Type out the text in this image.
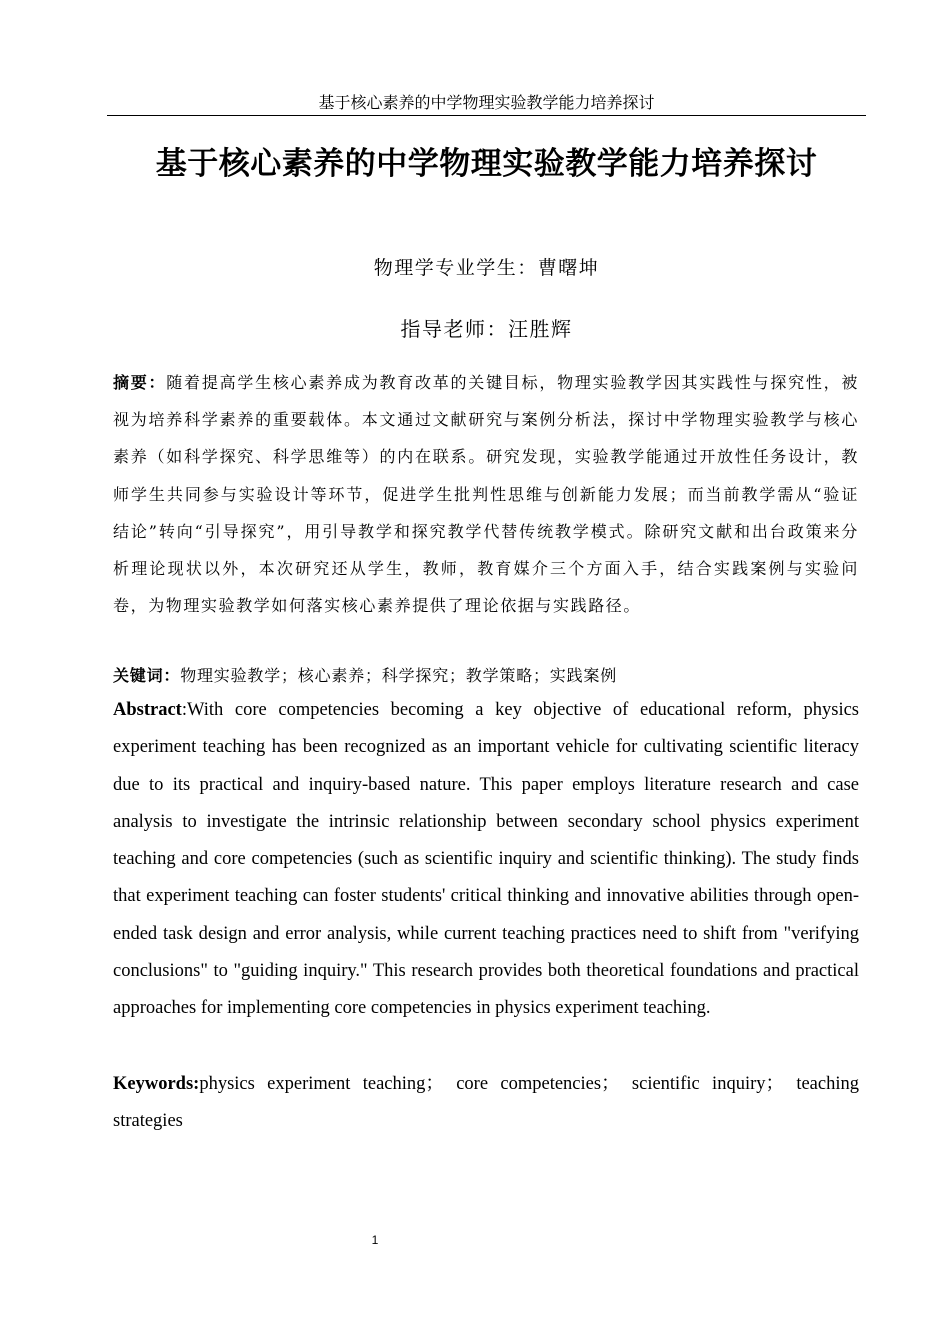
基于核心素养的中学物理实验教学能力培养探讨
基于核心素养的中学物理实验教学能力培养探讨
物理学专业学生：曹曙坤
指导老师：汪胜辉
摘要：随着提高学生核心素养成为教育改革的关键目标，物理实验教学因其实践性与探究性，被视为培养科学素养的重要载体。本文通过文献研究与案例分析法，探讨中学物理实验教学与核心素养（如科学探究、科学思维等）的内在联系。研究发现，实验教学能通过开放性任务设计，教师学生共同参与实验设计等环节，促进学生批判性思维与创新能力发展；而当前教学需从“验证结论”转向“引导探究”，用引导教学和探究教学代替传统教学模式。除研究文献和出台政策来分析理论现状以外，本次研究还从学生，教师，教育媒介三个方面入手，结合实践案例与实验问卷，为物理实验教学如何落实核心素养提供了理论依据与实践路径。
关键词：物理实验教学；核心素养；科学探究；教学策略；实践案例
Abstract:With core competencies becoming a key objective of educational reform, physics experiment teaching has been recognized as an important vehicle for cultivating scientific literacy due to its practical and inquiry-based nature. This paper employs literature research and case analysis to investigate the intrinsic relationship between secondary school physics experiment teaching and core competencies (such as scientific inquiry and scientific thinking). The study finds that experiment teaching can foster students' critical thinking and innovative abilities through open-ended task design and error analysis, while current teaching practices need to shift from "verifying conclusions" to "guiding inquiry." This research provides both theoretical foundations and practical approaches for implementing core competencies in physics experiment teaching.
Keywords:physics experiment teaching； core competencies； scientific inquiry； teaching strategies
1
